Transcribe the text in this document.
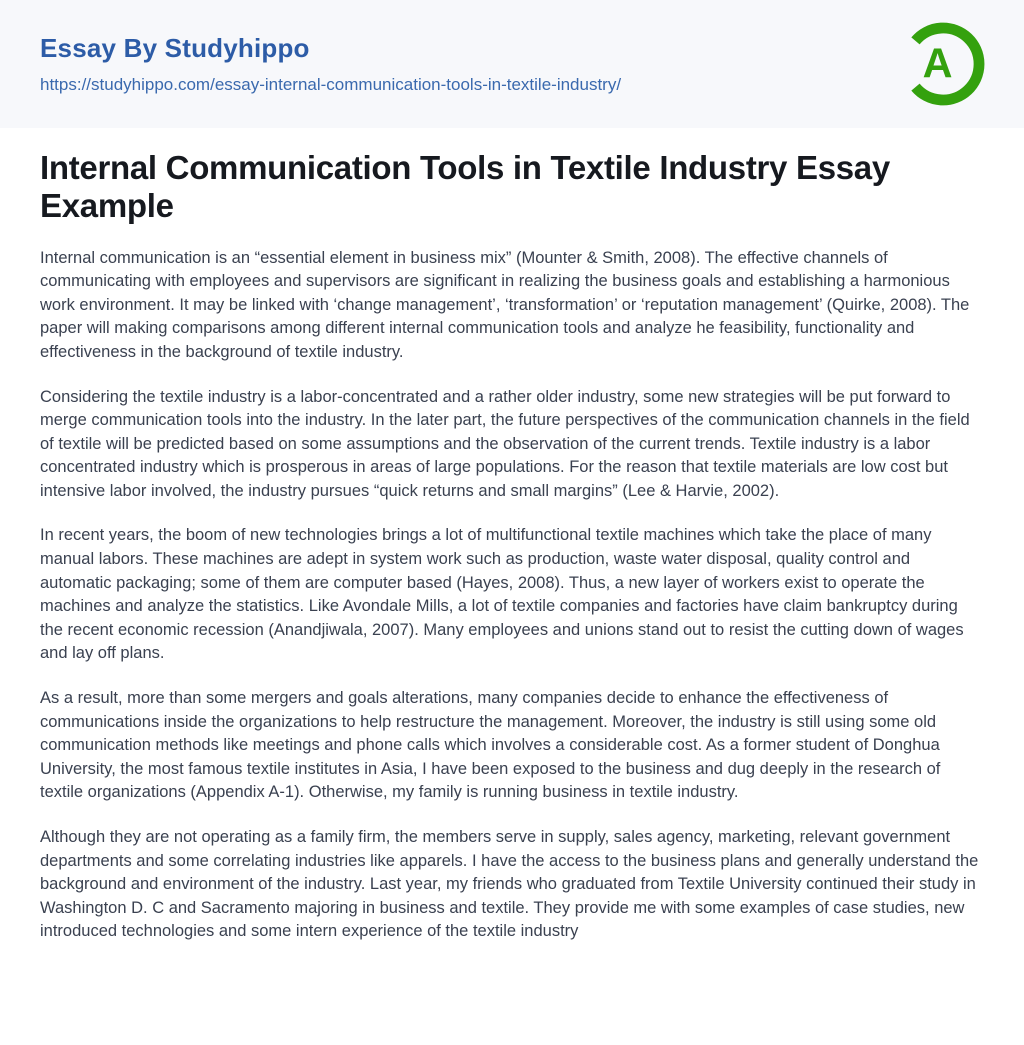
Essay By Studyhippo
https://studyhippo.com/essay-internal-communication-tools-in-textile-industry/	A
Internal Communication Tools in Textile Industry Essay Example

Internal communication is an “essential element in business mix” (Mounter & Smith, 2008). The effective channels of communicating with employees and supervisors are significant in realizing the business goals and establishing a harmonious work environment. It may be linked with ‘change management’, ‘transformation’ or ‘reputation management’ (Quirke, 2008). The paper will making comparisons among different internal communication tools and analyze he feasibility, functionality and effectiveness in the background of textile industry.

Considering the textile industry is a labor-concentrated and a rather older industry, some new strategies will be put forward to merge communication tools into the industry. In the later part, the future perspectives of the communication channels in the field of textile will be predicted based on some assumptions and the observation of the current trends. Textile industry is a labor concentrated industry which is prosperous in areas of large populations. For the reason that textile materials are low cost but intensive labor involved, the industry pursues “quick returns and small margins” (Lee & Harvie, 2002).

In recent years, the boom of new technologies brings a lot of multifunctional textile machines which take the place of many manual labors. These machines are adept in system work such as production, waste water disposal, quality control and automatic packaging; some of them are computer based (Hayes, 2008). Thus, a new layer of workers exist to operate the machines and analyze the statistics. Like Avondale Mills, a lot of textile companies and factories have claim bankruptcy during the recent economic recession (Anandjiwala, 2007). Many employees and unions stand out to resist the cutting down of wages and lay off plans.

As a result, more than some mergers and goals alterations, many companies decide to enhance the effectiveness of communications inside the organizations to help restructure the management. Moreover, the industry is still using some old communication methods like meetings and phone calls which involves a considerable cost. As a former student of Donghua University, the most famous textile institutes in Asia, I have been exposed to the business and dug deeply in the research of textile organizations (Appendix A-1). Otherwise, my family is running business in textile industry.

Although they are not operating as a family firm, the members serve in supply, sales agency, marketing, relevant government departments and some correlating industries like apparels. I have the access to the business plans and generally understand the background and environment of the industry. Last year, my friends who graduated from Textile University continued their study in Washington D. C and Sacramento majoring in business and textile. They provide me with some examples of case studies, new introduced technologies and some intern experience of the textile industry
